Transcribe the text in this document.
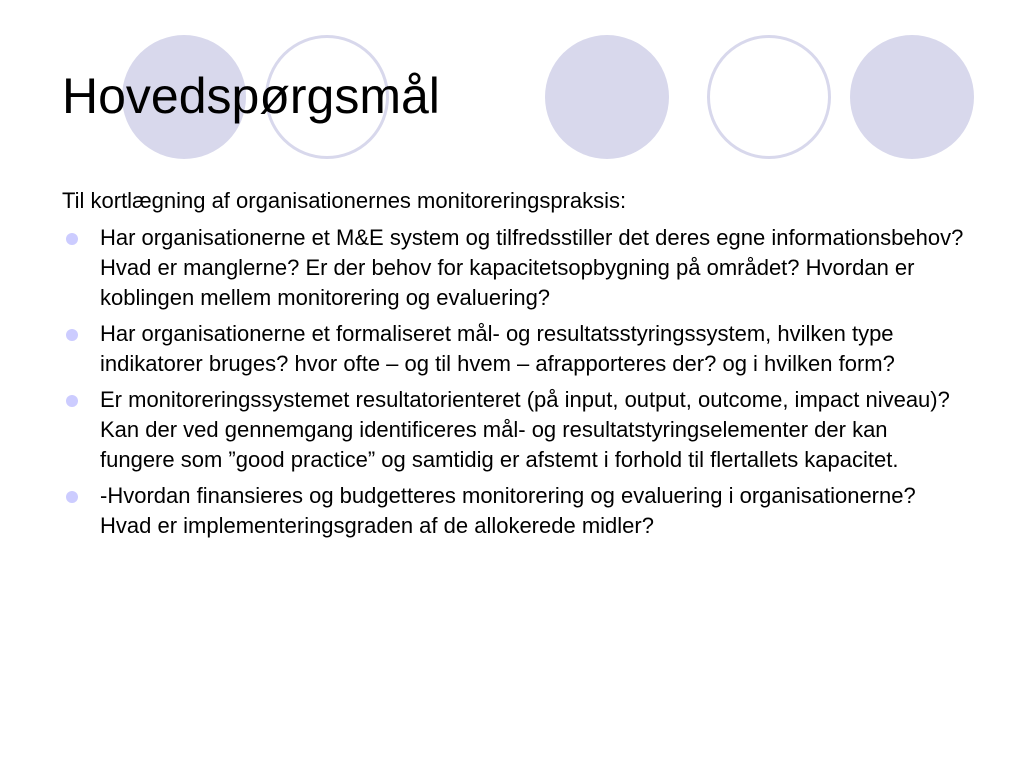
Hovedspørgsmål

Til kortlægning af organisationernes monitoreringspraksis:

Har organisationerne et M&E system og tilfredsstiller det deres egne informationsbehov? Hvad er manglerne? Er der behov for kapacitetsopbygning på området? Hvordan er koblingen mellem monitorering og evaluering?
Har organisationerne et formaliseret mål- og resultatsstyringssystem, hvilken type indikatorer bruges? hvor ofte – og til hvem – afrapporteres der? og i hvilken form?
Er monitoreringssystemet resultatorienteret (på input, output, outcome, impact niveau)? Kan der ved gennemgang identificeres mål- og resultatstyringselementer der kan fungere som ”good practice” og samtidig er afstemt i forhold til flertallets kapacitet.
-Hvordan finansieres og budgetteres monitorering og evaluering i organisationerne? Hvad er implementeringsgraden af de allokerede midler?
